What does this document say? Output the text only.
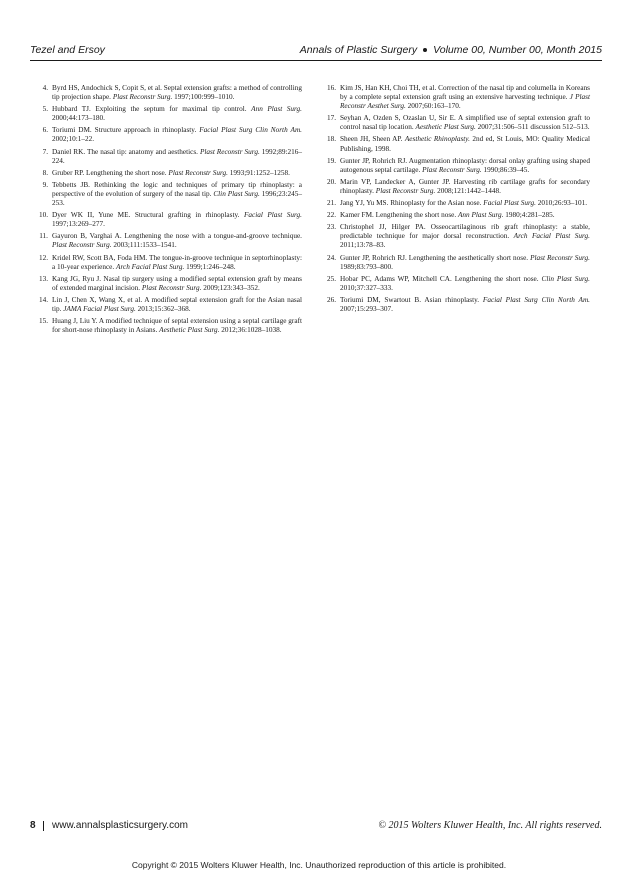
Tezel and Ersoy	Annals of Plastic Surgery Volume 00, Number 00, Month 2015
4. Byrd HS, Andochick S, Copit S, et al. Septal extension grafts: a method of controlling tip projection shape. Plast Reconstr Surg. 1997;100:999–1010.
5. Hubbard TJ. Exploiting the septum for maximal tip control. Ann Plast Surg. 2000;44:173–180.
6. Toriumi DM. Structure approach in rhinoplasty. Facial Plast Surg Clin North Am. 2002;10:1–22.
7. Daniel RK. The nasal tip: anatomy and aesthetics. Plast Reconstr Surg. 1992;89:216–224.
8. Gruber RP. Lengthening the short nose. Plast Reconstr Surg. 1993;91:1252–1258.
9. Tebbetts JB. Rethinking the logic and techniques of primary tip rhinoplasty: a perspective of the evolution of surgery of the nasal tip. Clin Plast Surg. 1996;23:245–253.
10. Dyer WK II, Yune ME. Structural grafting in rhinoplasty. Facial Plast Surg. 1997;13:269–277.
11. Gayuron B, Varghai A. Lengthening the nose with a tongue-and-groove technique. Plast Reconstr Surg. 2003;111:1533–1541.
12. Kridel RW, Scott BA, Foda HM. The tongue-in-groove technique in septorhinoplasty: a 10-year experience. Arch Facial Plast Surg. 1999;1:246–248.
13. Kang JG, Ryu J. Nasal tip surgery using a modified septal extension graft by means of extended marginal incision. Plast Reconstr Surg. 2009;123:343–352.
14. Lin J, Chen X, Wang X, et al. A modified septal extension graft for the Asian nasal tip. JAMA Facial Plast Surg. 2013;15:362–368.
15. Huang J, Liu Y. A modified technique of septal extension using a septal cartilage graft for short-nose rhinoplasty in Asians. Aesthetic Plast Surg. 2012;36:1028–1038.
16. Kim JS, Han KH, Choi TH, et al. Correction of the nasal tip and columella in Koreans by a complete septal extension graft using an extensive harvesting technique. J Plast Reconstr Aesthet Surg. 2007;60:163–170.
17. Seyhan A, Ozden S, Ozaslan U, Sir E. A simplified use of septal extension graft to control nasal tip location. Aesthetic Plast Surg. 2007;31:506–511 discussion 512–513.
18. Sheen JH, Sheen AP. Aesthetic Rhinoplasty. 2nd ed, St Louis, MO: Quality Medical Publishing, 1998.
19. Gunter JP, Rohrich RJ. Augmentation rhinoplasty: dorsal onlay grafting using shaped autogenous septal cartilage. Plast Reconstr Surg. 1990;86:39–45.
20. Marin VP, Landecker A, Gunter JP. Harvesting rib cartilage grafts for secondary rhinoplasty. Plast Reconstr Surg. 2008;121:1442–1448.
21. Jang YJ, Yu MS. Rhinoplasty for the Asian nose. Facial Plast Surg. 2010;26:93–101.
22. Kamer FM. Lengthening the short nose. Ann Plast Surg. 1980;4:281–285.
23. Christophel JJ, Hilger PA. Osseocartilaginous rib graft rhinoplasty: a stable, predictable technique for major dorsal reconstruction. Arch Facial Plast Surg. 2011;13:78–83.
24. Gunter JP, Rohrich RJ. Lengthening the aesthetically short nose. Plast Reconstr Surg. 1989;83:793–800.
25. Hobar PC, Adams WP, Mitchell CA. Lengthening the short nose. Clin Plast Surg. 2010;37:327–333.
26. Toriumi DM, Swartout B. Asian rhinoplasty. Facial Plast Surg Clin North Am. 2007;15:293–307.
8 www.annalsplasticsurgery.com	© 2015 Wolters Kluwer Health, Inc. All rights reserved.
Copyright © 2015 Wolters Kluwer Health, Inc. Unauthorized reproduction of this article is prohibited.
